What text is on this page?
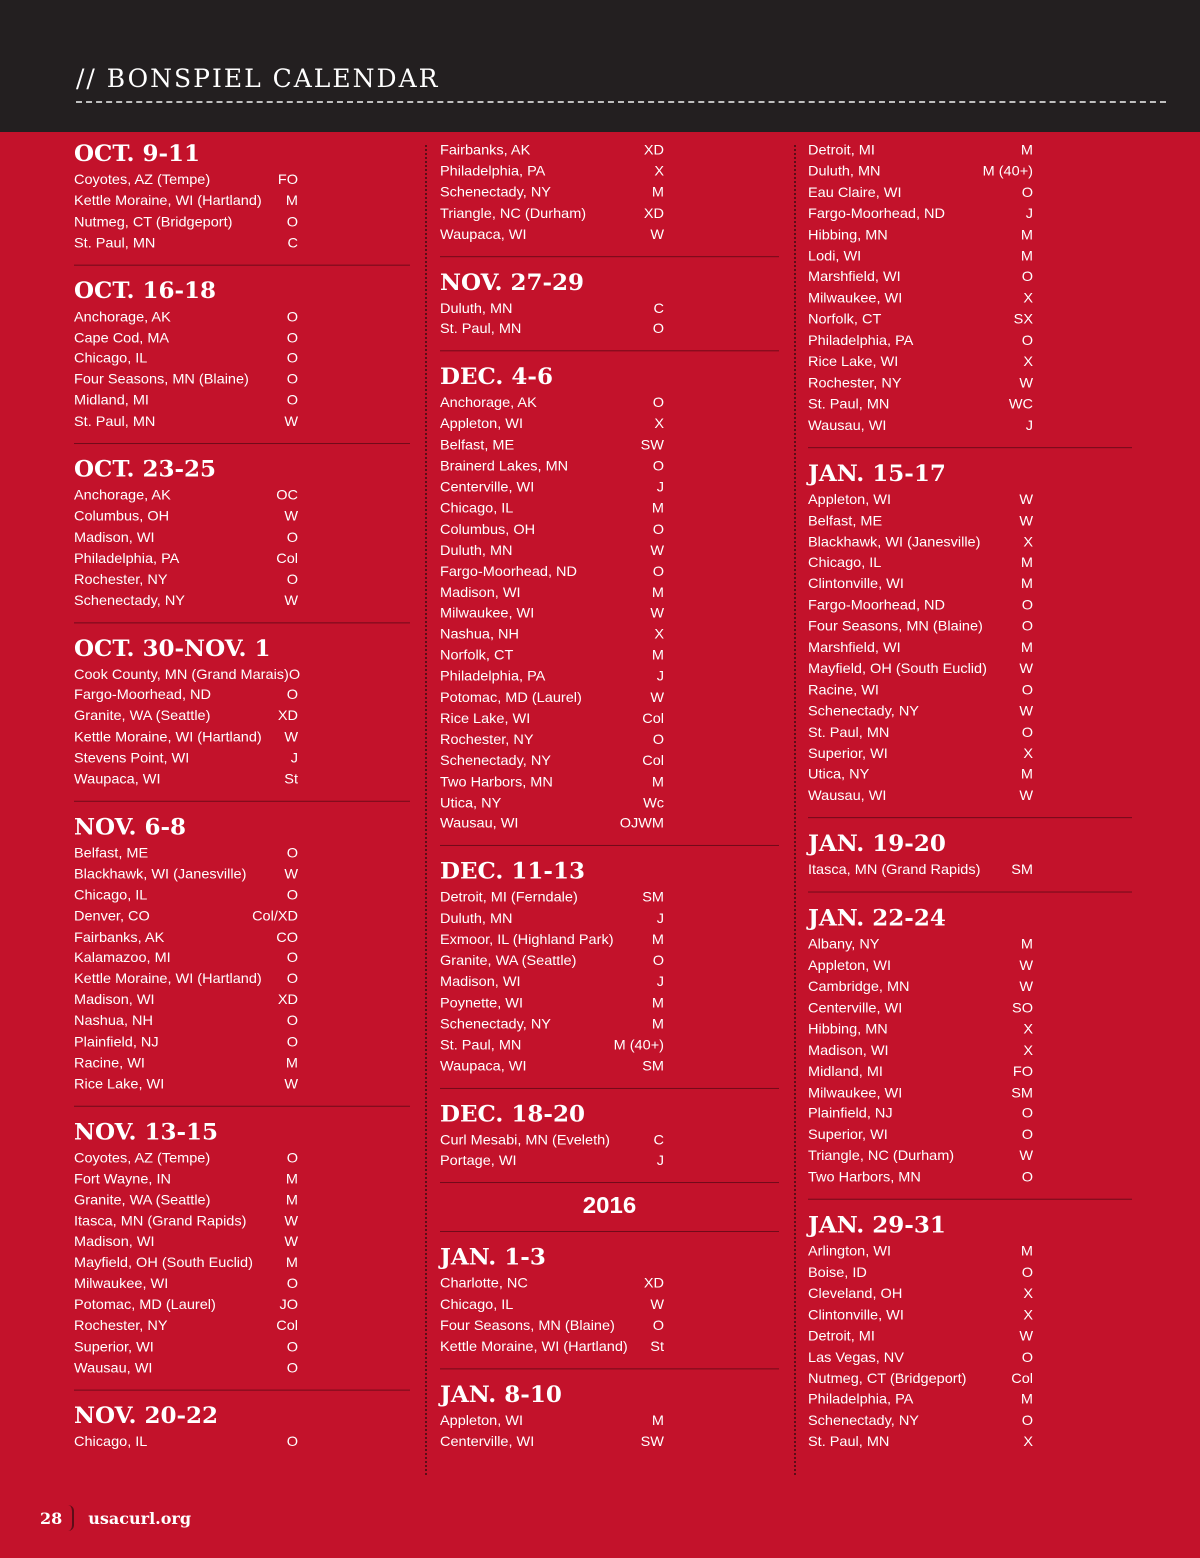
// BONSPIEL CALENDAR
OCT. 9-11
Coyotes, AZ (Tempe)	FO
Kettle Moraine, WI (Hartland) M
Nutmeg, CT (Bridgeport)	O
St. Paul, MN	C
OCT. 16-18
Anchorage, AK	O
Cape Cod, MA	O
Chicago, IL	O
Four Seasons, MN (Blaine)	O
Midland, MI	O
St. Paul, MN	W
OCT. 23-25
Anchorage, AK	OC
Columbus, OH	W
Madison, WI	O
Philadelphia, PA	Col
Rochester, NY	O
Schenectady, NY	W
OCT. 30-NOV. 1
Cook County, MN (Grand Marais) O
Fargo-Moorhead, ND	O
Granite, WA (Seattle)	XD
Kettle Moraine, WI (Hartland) W
Stevens Point, WI	J
Waupaca, WI	St
NOV. 6-8
Belfast, ME	O
Blackhawk, WI (Janesville)	W
Chicago, IL	O
Denver, CO	Col/XD
Fairbanks, AK	CO
Kalamazoo, MI	O
Kettle Moraine, WI (Hartland) O
Madison, WI	XD
Nashua, NH	O
Plainfield, NJ	O
Racine, WI	M
Rice Lake, WI	W
NOV. 13-15
Coyotes, AZ (Tempe)	O
Fort Wayne, IN	M
Granite, WA (Seattle)	M
Itasca, MN (Grand Rapids)	W
Madison, WI	W
Mayfield, OH (South Euclid) M
Milwaukee, WI	O
Potomac, MD (Laurel)	JO
Rochester, NY	Col
Superior, WI	O
Wausau, WI	O
NOV. 20-22
Chicago, IL	O
Fairbanks, AK	XD
Philadelphia, PA	X
Schenectady, NY	M
Triangle, NC (Durham)	XD
Waupaca, WI	W
NOV. 27-29
Duluth, MN	C
St. Paul, MN	O
DEC. 4-6
Anchorage, AK	O
Appleton, WI	X
Belfast, ME	SW
Brainerd Lakes, MN	O
Centerville, WI	J
Chicago, IL	M
Columbus, OH	O
Duluth, MN	W
Fargo-Moorhead, ND	O
Madison, WI	M
Milwaukee, WI	W
Nashua, NH	X
Norfolk, CT	M
Philadelphia, PA	J
Potomac, MD (Laurel)	W
Rice Lake, WI	Col
Rochester, NY	O
Schenectady, NY	Col
Two Harbors, MN	M
Utica, NY	Wc
Wausau, WI	OJWM
DEC. 11-13
Detroit, MI (Ferndale)	SM
Duluth, MN	J
Exmoor, IL (Highland Park)	M
Granite, WA (Seattle)	O
Madison, WI	J
Poynette, WI	M
Schenectady, NY	M
St. Paul, MN	M (40+)
Waupaca, WI	SM
DEC. 18-20
Curl Mesabi, MN (Eveleth)	C
Portage, WI	J
2016
JAN. 1-3
Charlotte, NC	XD
Chicago, IL	W
Four Seasons, MN (Blaine)	O
Kettle Moraine, WI (Hartland) St
JAN. 8-10
Appleton, WI	M
Centerville, WI	SW
Detroit, MI	M
Duluth, MN	M (40+)
Eau Claire, WI	O
Fargo-Moorhead, ND	J
Hibbing, MN	M
Lodi, WI	M
Marshfield, WI	O
Milwaukee, WI	X
Norfolk, CT	SX
Philadelphia, PA	O
Rice Lake, WI	X
Rochester, NY	W
St. Paul, MN	WC
Wausau, WI	J
JAN. 15-17
Appleton, WI	W
Belfast, ME	W
Blackhawk, WI (Janesville)	X
Chicago, IL	M
Clintonville, WI	M
Fargo-Moorhead, ND	O
Four Seasons, MN (Blaine)	O
Marshfield, WI	M
Mayfield, OH (South Euclid) W
Racine, WI	O
Schenectady, NY	W
St. Paul, MN	O
Superior, WI	X
Utica, NY	M
Wausau, WI	W
JAN. 19-20
Itasca, MN (Grand Rapids) SM
JAN. 22-24
Albany, NY	M
Appleton, WI	W
Cambridge, MN	W
Centerville, WI	SO
Hibbing, MN	X
Madison, WI	X
Midland, MI	FO
Milwaukee, WI	SM
Plainfield, NJ	O
Superior, WI	O
Triangle, NC (Durham)	W
Two Harbors, MN	O
JAN. 29-31
Arlington, WI	M
Boise, ID	O
Cleveland, OH	X
Clintonville, WI	X
Detroit, MI	W
Las Vegas, NV	O
Nutmeg, CT (Bridgeport)	Col
Philadelphia, PA	M
Schenectady, NY	O
St. Paul, MN	X
28 usacurl.org
